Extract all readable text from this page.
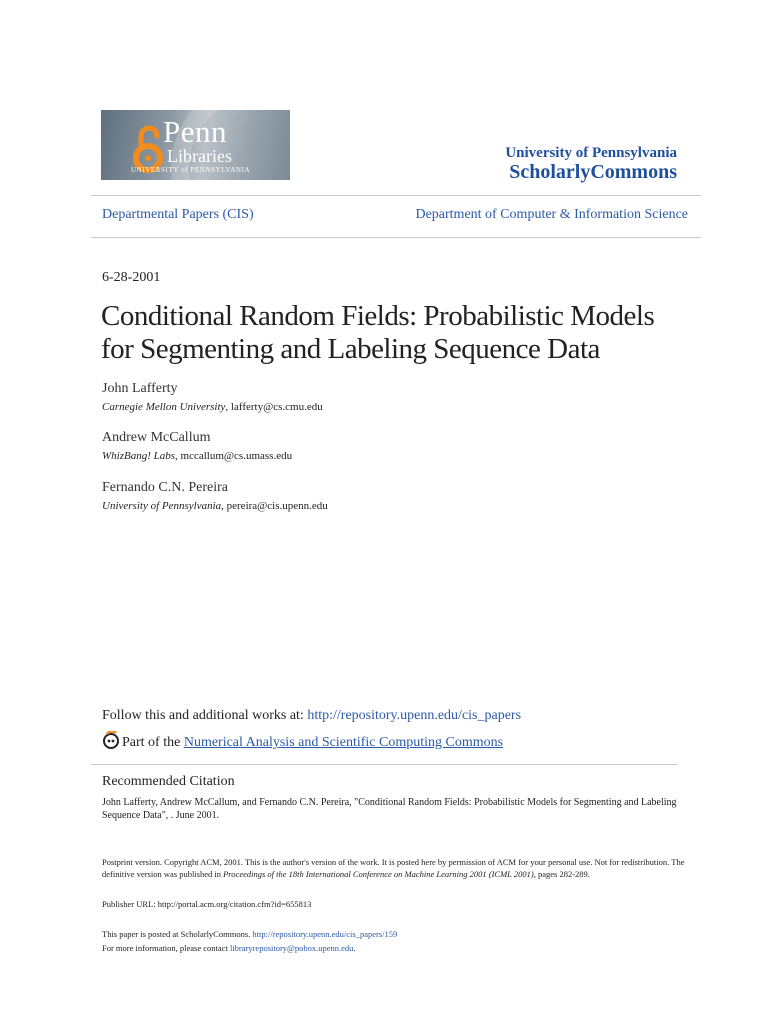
Penn
Libraries
UNIVERSITY of PENNSYLVANIA
University of Pennsylvania
ScholarlyCommons
Departmental Papers (CIS)	Department of Computer & Information Science
6-28-2001
Conditional Random Fields: Probabilistic Models
for Segmenting and Labeling Sequence Data
John Lafferty
Carnegie Mellon University, lafferty@cs.cmu.edu
Andrew McCallum
WhizBang! Labs, mccallum@cs.umass.edu
Fernando C.N. Pereira
University of Pennsylvania, pereira@cis.upenn.edu
Follow this and additional works at: http://repository.upenn.edu/cis_papers
Part of the Numerical Analysis and Scientific Computing Commons
Recommended Citation
John Lafferty, Andrew McCallum, and Fernando C.N. Pereira, "Conditional Random Fields: Probabilistic Models for Segmenting and Labeling Sequence Data", . June 2001.
Postprint version. Copyright ACM, 2001. This is the author's version of the work. It is posted here by permission of ACM for your personal use. Not for redistribution. The definitive version was published in Proceedings of the 18th International Conference on Machine Learning 2001 (ICML 2001), pages 282-289.
Publisher URL: http://portal.acm.org/citation.cfm?id=655813
This paper is posted at ScholarlyCommons. http://repository.upenn.edu/cis_papers/159
For more information, please contact libraryrepository@pobox.upenn.edu.
